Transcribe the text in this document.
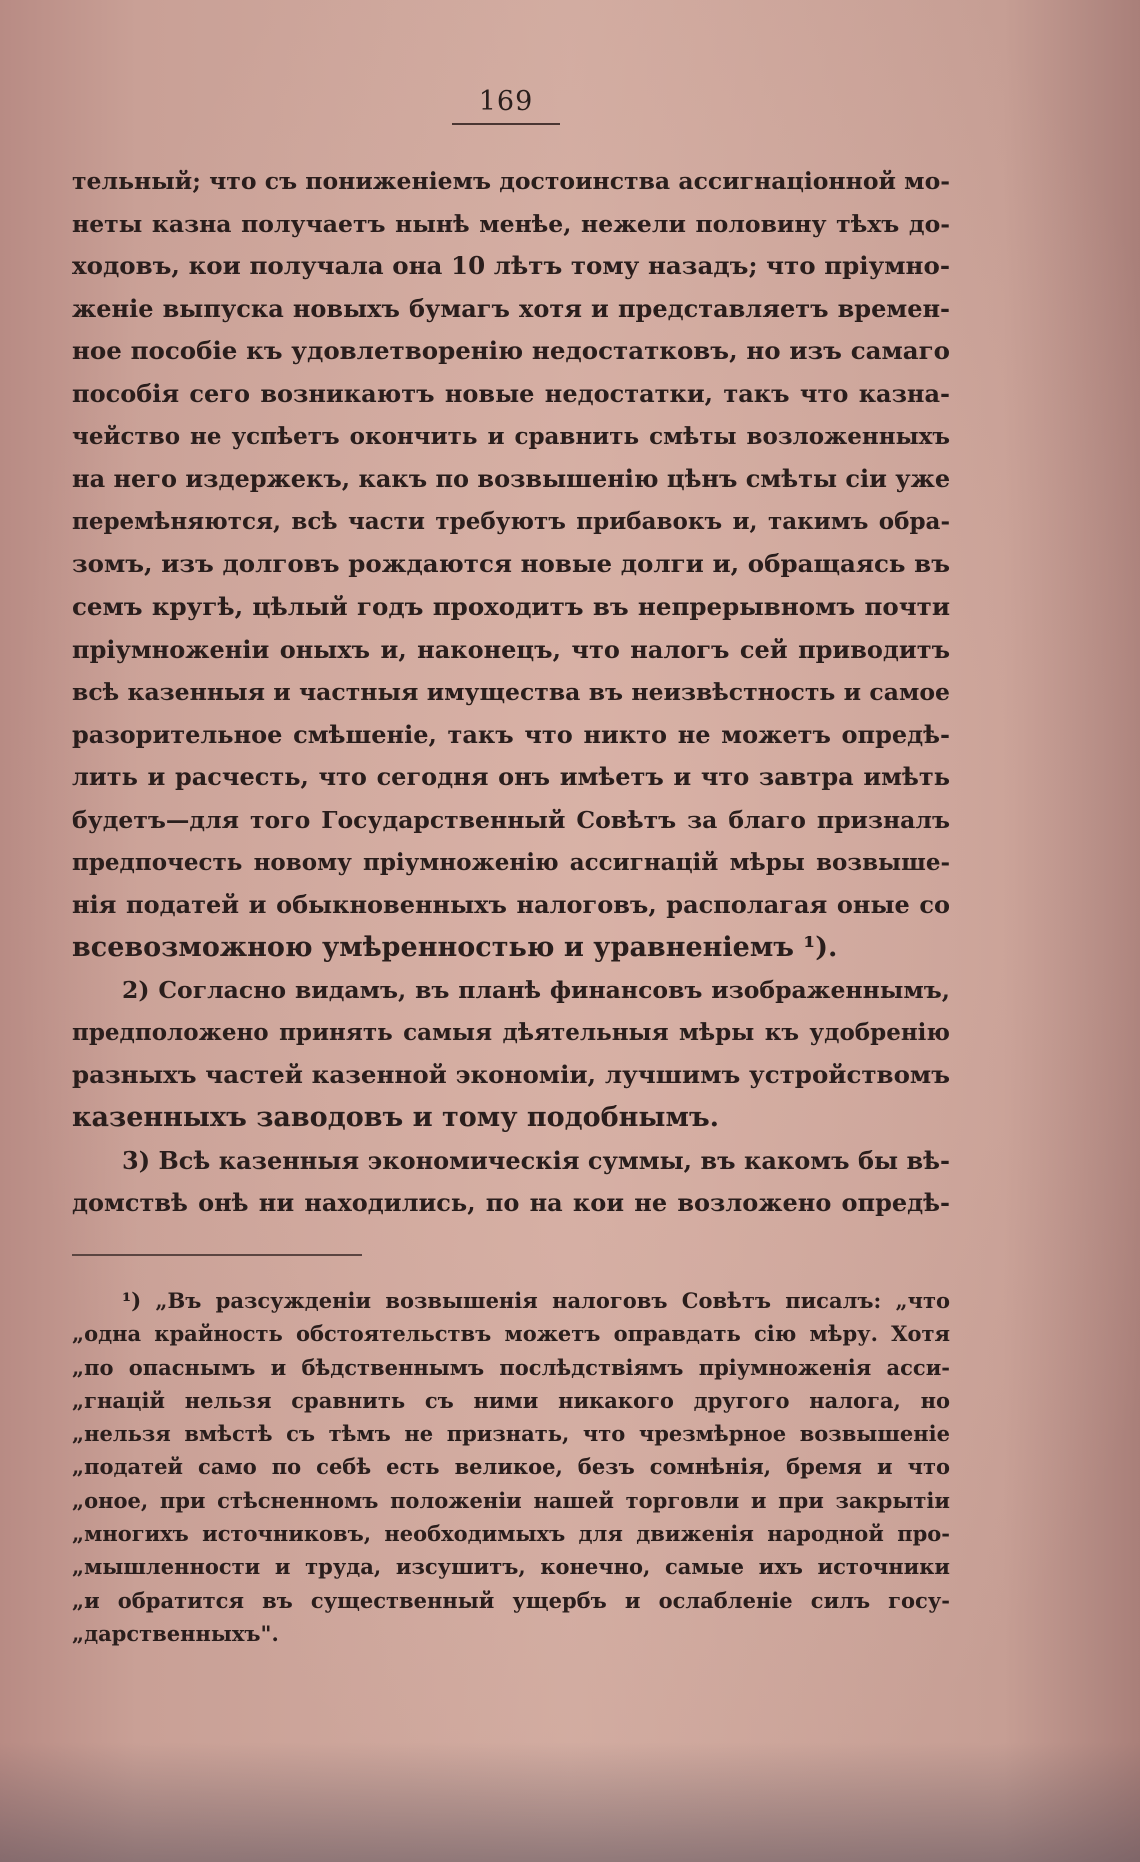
169
тельный; что съ пониженіемъ достоинства ассигнаціонной мо-
неты казна получаетъ нынѣ менѣе, нежели половину тѣхъ до-
ходовъ, кои получала она 10 лѣтъ тому назадъ; что пріумно-
женіе выпуска новыхъ бумагъ хотя и представляетъ времен-
ное пособіе къ удовлетворенію недостатковъ, но изъ самаго
пособія сего возникаютъ новые недостатки, такъ что казна-
чейство не успѣетъ окончить и сравнить смѣты возложенныхъ
на него издержекъ, какъ по возвышенію цѣнъ смѣты сіи уже
перемѣняются, всѣ части требуютъ прибавокъ и, такимъ обра-
зомъ, изъ долговъ рождаются новые долги и, обращаясь въ
семъ кругѣ, цѣлый годъ проходитъ въ непрерывномъ почти
пріумноженіи оныхъ и, наконецъ, что налогъ сей приводитъ
всѣ казенныя и частныя имущества въ неизвѣстность и самое
разорительное смѣшеніе, такъ что никто не можетъ опредѣ-
лить и расчесть, что сегодня онъ имѣетъ и что завтра имѣть
будетъ—для того Государственный Совѣтъ за благо призналъ
предпочесть новому пріумноженію ассигнацій мѣры возвыше-
нія податей и обыкновенныхъ налоговъ, располагая оные со
всевозможною умѣренностью и уравненіемъ ¹).
2) Согласно видамъ, въ планѣ финансовъ изображеннымъ,
предположено принять самыя дѣятельныя мѣры къ удобренію
разныхъ частей казенной экономіи, лучшимъ устройствомъ
казенныхъ заводовъ и тому подобнымъ.
3) Всѣ казенныя экономическія суммы, въ какомъ бы вѣ-
домствѣ онѣ ни находились, по на кои не возложено опредѣ-
¹) „Въ разсужденіи возвышенія налоговъ Совѣтъ писалъ: „что
„одна крайность обстоятельствъ можетъ оправдать сію мѣру. Хотя
„по опаснымъ и бѣдственнымъ послѣдствіямъ пріумноженія асси-
„гнацій нельзя сравнить съ ними никакого другого налога, но
„нельзя вмѣстѣ съ тѣмъ не признать, что чрезмѣрное возвышеніе
„податей само по себѣ есть великое, безъ сомнѣнія, бремя и что
„оное, при стѣсненномъ положеніи нашей торговли и при закрытіи
„многихъ источниковъ, необходимыхъ для движенія народной про-
„мышленности и труда, изсушитъ, конечно, самые ихъ источники
„и обратится въ существенный ущербъ и ослабленіе силъ госу-
„дарственныхъ".
